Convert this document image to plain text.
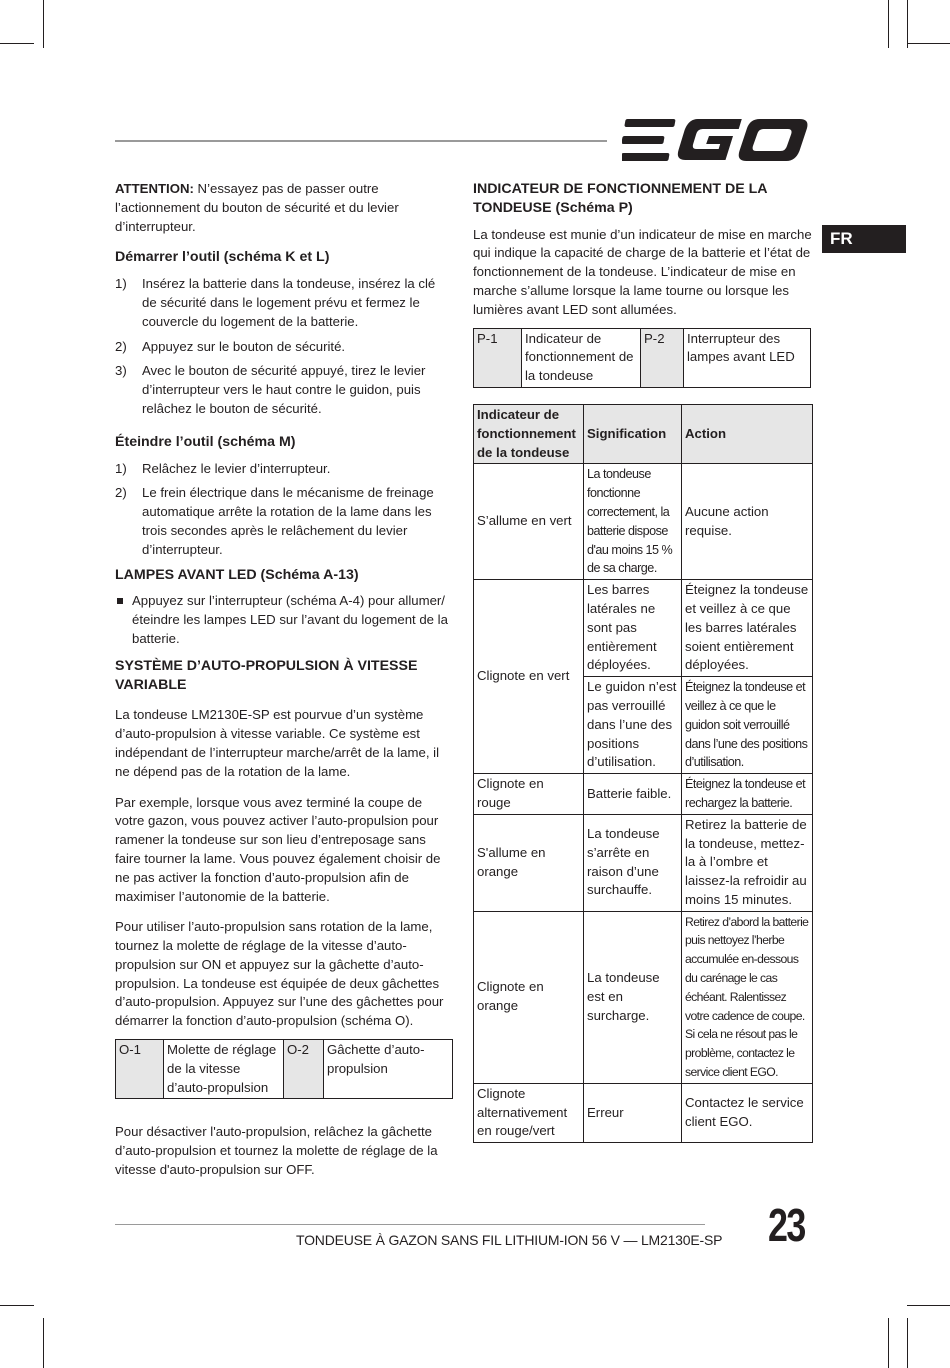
FR

ATTENTION: N’essayez pas de passer outre l’actionnement du bouton de sécurité et du levier d’interrupteur.

Démarrer l’outil (schéma K et L)

1) Insérez la batterie dans la tondeuse, insérez la clé de sécurité dans le logement prévu et fermez le couvercle du logement de la batterie.
2) Appuyez sur le bouton de sécurité.
3) Avec le bouton de sécurité appuyé, tirez le levier d’interrupteur vers le haut contre le guidon, puis relâchez le bouton de sécurité.

Éteindre l’outil (schéma M)

1) Relâchez le levier d’interrupteur.
2) Le frein électrique dans le mécanisme de freinage automatique arrête la rotation de la lame dans les trois secondes après le relâchement du levier d’interrupteur.

LAMPES AVANT LED (Schéma A-13)

Appuyez sur l’interrupteur (schéma A-4) pour allumer/ éteindre les lampes LED sur l’avant du logement de la batterie.

SYSTÈME D’AUTO-PROPULSION À VITESSE VARIABLE

La tondeuse LM2130E-SP est pourvue d’un système d’auto-propulsion à vitesse variable. Ce système est indépendant de l’interrupteur marche/arrêt de la lame, il ne dépend pas de la rotation de la lame.

Par exemple, lorsque vous avez terminé la coupe de votre gazon, vous pouvez activer l’auto-propulsion pour ramener la tondeuse sur son lieu d’entreposage sans faire tourner la lame. Vous pouvez également choisir de ne pas activer la fonction d’auto-propulsion afin de maximiser l’autonomie de la batterie.

Pour utiliser l’auto-propulsion sans rotation de la lame, tournez la molette de réglage de la vitesse d’auto-propulsion sur ON et appuyez sur la gâchette d’auto-propulsion. La tondeuse est équipée de deux gâchettes d’auto-propulsion. Appuyez sur l’une des gâchettes pour démarrer la fonction d’auto-propulsion (schéma O).

O-1	Molette de réglage de la vitesse d’auto-propulsion	O-2	Gâchette d’auto-propulsion

Pour désactiver l'auto-propulsion, relâchez la gâchette d’auto-propulsion et tournez la molette de réglage de la vitesse d'auto-propulsion sur OFF.

INDICATEUR DE FONCTIONNEMENT DE LA TONDEUSE (Schéma P)

La tondeuse est munie d’un indicateur de mise en marche qui indique la capacité de charge de la batterie et l’état de fonctionnement de la tondeuse. L’indicateur de mise en marche s’allume lorsque la lame tourne ou lorsque les lumières avant LED sont allumées.

P-1	Indicateur de fonctionnement de la tondeuse	P-2	Interrupteur des lampes avant LED
Indicateur de fonctionnement de la tondeuse	Signification	Action
S’allume en vert	La tondeuse fonctionne correctement, la batterie dispose d'au moins 15 % de sa charge.	Aucune action requise.
Clignote en vert	Les barres latérales ne sont pas entièrement déployées.	Éteignez la tondeuse et veillez à ce que les barres latérales soient entièrement déployées.
	Le guidon n’est pas verrouillé dans l’une des positions d’utilisation.	Éteignez la tondeuse et veillez à ce que le guidon soit verrouillé dans l’une des positions d’utilisation.
Clignote en rouge	Batterie faible.	Éteignez la tondeuse et rechargez la batterie.
S'allume en orange	La tondeuse s’arrête en raison d’une surchauffe.	Retirez la batterie de la tondeuse, mettez-la à l’ombre et laissez-la refroidir au moins 15 minutes.
Clignote en orange	La tondeuse est en surcharge.	Retirez d’abord la batterie puis nettoyez l’herbe accumulée en-dessous du carénage le cas échéant. Ralentissez votre cadence de coupe. Si cela ne résout pas le problème, contactez le service client EGO.
Clignote alternativement en rouge/vert	Erreur	Contactez le service client EGO.
TONDEUSE À GAZON SANS FIL LITHIUM-ION 56 V — LM2130E-SP 23
